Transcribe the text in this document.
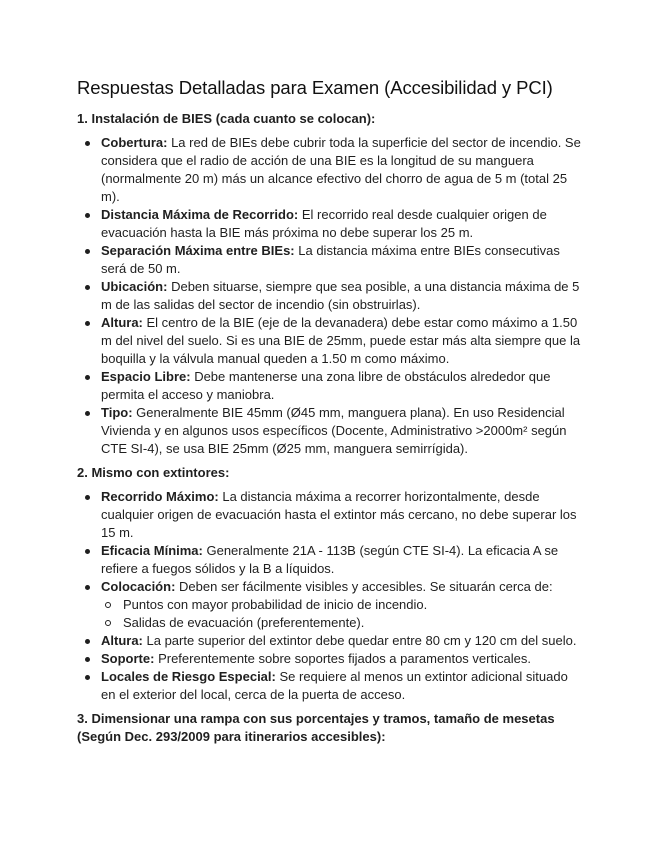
Respuestas Detalladas para Examen (Accesibilidad y PCI)

1. Instalación de BIES (cada cuanto se colocan):

Cobertura: La red de BIEs debe cubrir toda la superficie del sector de incendio. Se considera que el radio de acción de una BIE es la longitud de su manguera (normalmente 20 m) más un alcance efectivo del chorro de agua de 5 m (total 25 m).
Distancia Máxima de Recorrido: El recorrido real desde cualquier origen de evacuación hasta la BIE más próxima no debe superar los 25 m.
Separación Máxima entre BIEs: La distancia máxima entre BIEs consecutivas será de 50 m.
Ubicación: Deben situarse, siempre que sea posible, a una distancia máxima de 5 m de las salidas del sector de incendio (sin obstruirlas).
Altura: El centro de la BIE (eje de la devanadera) debe estar como máximo a 1.50 m del nivel del suelo. Si es una BIE de 25mm, puede estar más alta siempre que la boquilla y la válvula manual queden a 1.50 m como máximo.
Espacio Libre: Debe mantenerse una zona libre de obstáculos alrededor que permita el acceso y maniobra.
Tipo: Generalmente BIE 45mm (Ø45 mm, manguera plana). En uso Residencial Vivienda y en algunos usos específicos (Docente, Administrativo >2000m² según CTE SI-4), se usa BIE 25mm (Ø25 mm, manguera semirrígida).

2. Mismo con extintores:

Recorrido Máximo: La distancia máxima a recorrer horizontalmente, desde cualquier origen de evacuación hasta el extintor más cercano, no debe superar los 15 m.
Eficacia Mínima: Generalmente 21A - 113B (según CTE SI-4). La eficacia A se refiere a fuegos sólidos y la B a líquidos.
Colocación: Deben ser fácilmente visibles y accesibles. Se situarán cerca de:
Puntos con mayor probabilidad de inicio de incendio.
Salidas de evacuación (preferentemente).
Altura: La parte superior del extintor debe quedar entre 80 cm y 120 cm del suelo.
Soporte: Preferentemente sobre soportes fijados a paramentos verticales.
Locales de Riesgo Especial: Se requiere al menos un extintor adicional situado en el exterior del local, cerca de la puerta de acceso.

3. Dimensionar una rampa con sus porcentajes y tramos, tamaño de mesetas (Según Dec. 293/2009 para itinerarios accesibles):
